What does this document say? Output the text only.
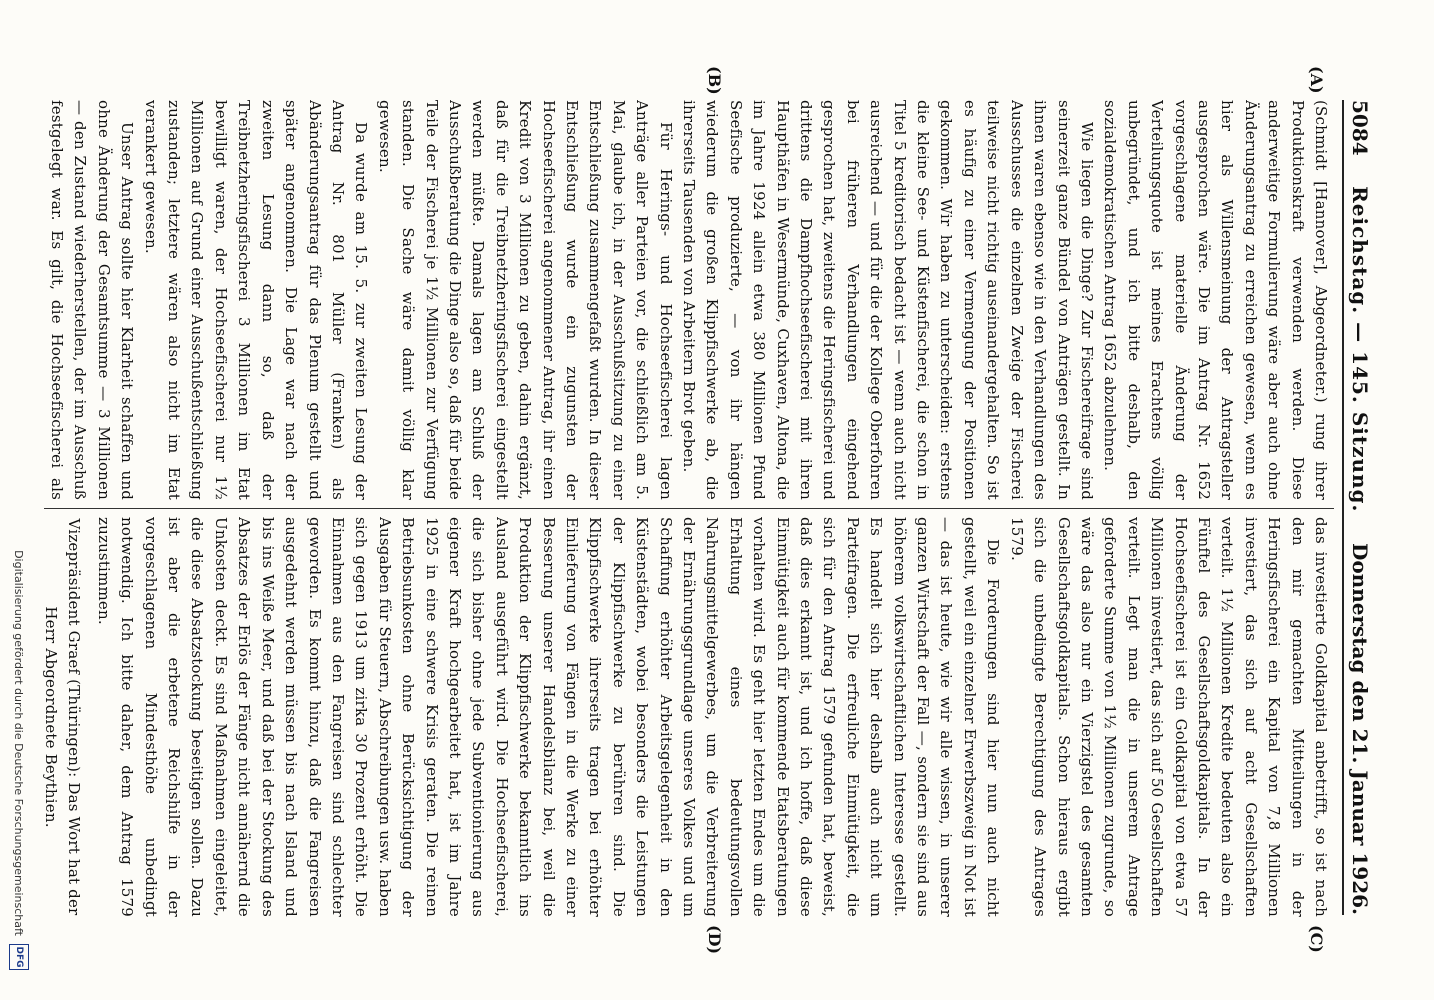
5084
Reichstag. — 145. Sitzung.
Donnerstag den 21. Januar 1926.
(A)
(B)
(C)
(D)

(Schmidt [Hannover], Abgeordneter.) rung ihrer Produktionskraft verwenden werden. Diese anderweitige Formulierung wäre aber auch ohne Änderungsantrag zu erreichen gewesen, wenn es hier als Willensmeinung der Antragsteller ausgesprochen wäre. Die im Antrag Nr. 1652 vorgeschlagene materielle Änderung der Verteilungsquote ist meines Erachtens völlig unbegründet, und ich bitte deshalb, den sozialdemokratischen Antrag 1652 abzulehnen.

Wie liegen die Dinge? Zur Fischereifrage sind seinerzeit ganze Bündel von Anträgen gestellt. In ihnen waren ebenso wie in den Verhandlungen des Ausschusses die einzelnen Zweige der Fischerei teilweise nicht richtig auseinandergehalten. So ist es häufig zu einer Vermengung der Positionen gekommen. Wir haben zu unterscheiden: erstens die kleine See- und Küstenfischerei, die schon in Titel 5 kreditorisch bedacht ist — wenn auch nicht ausreichend — und für die der Kollege Oberfohren bei früheren Verhandlungen eingehend gesprochen hat, zweitens die Heringsfischerei und drittens die Dampfhochseefischerei mit ihren Haupthäfen in Wesermünde, Cuxhaven, Altona, die im Jahre 1924 allein etwa 380 Millionen Pfund Seefische produzierte, — von ihr hängen wiederum die großen Klippfischwerke ab, die ihrerseits Tausenden von Arbeitern Brot geben.

Für Herings- und Hochseefischerei lagen Anträge aller Parteien vor, die schließlich am 5. Mai, glaube ich, in der Ausschußsitzung zu einer Entschließung zusammengefaßt wurden. In dieser Entschließung wurde ein zugunsten der Hochseefischerei angenommener Antrag, ihr einen Kredit von 3 Millionen zu geben, dahin ergänzt, daß für die Treibnetzheringsfischerei eingestellt werden müßte. Damals lagen am Schluß der Ausschußberatung die Dinge also so, daß für beide Teile der Fischerei je 1½ Millionen zur Verfügung standen. Die Sache wäre damit völlig klar gewesen.

Da wurde am 15. 5. zur zweiten Lesung der Antrag Nr. 801 Müller (Franken) als Abänderungsantrag für das Plenum gestellt und später angenommen. Die Lage war nach der zweiten Lesung dann so, daß der Treibnetzheringsfischerei 3 Millionen im Etat bewilligt waren, der Hochseefischerei nur 1½ Millionen auf Grund einer Ausschußentschließung zustanden; letztere wären also nicht im Etat verankert gewesen.

Unser Antrag sollte hier Klarheit schaffen und ohne Änderung der Gesamtsumme — 3 Millionen — den Zustand wiederherstellen, der im Ausschuß festgelegt war. Es gilt, die Hochseefischerei als

das investierte Goldkapital anbetrifft, so ist nach den mir gemachten Mitteilungen in der Heringsfischerei ein Kapital von 7,8 Millionen investiert, das sich auf acht Gesellschaften verteilt. 1½ Millionen Kredite bedeuten also ein Fünftel des Gesellschaftsgoldkapitals. In der Hochseefischerei ist ein Goldkapital von etwa 57 Millionen investiert, das sich auf 50 Gesellschaften verteilt. Legt man die in unserem Antrage geforderte Summe von 1½ Millionen zugrunde, so wäre das also nur ein Vierzigstel des gesamten Gesellschaftsgoldkapitals. Schon hieraus ergibt sich die unbedingte Berechtigung des Antrages 1579.

Die Forderungen sind hier nun auch nicht gestellt, weil ein einzelner Erwerbszweig in Not ist — das ist heute, wie wir alle wissen, in unserer ganzen Wirtschaft der Fall —, sondern sie sind aus höherem volkswirtschaftlichen Interesse gestellt. Es handelt sich hier deshalb auch nicht um Parteifragen. Die erfreuliche Einmütigkeit, die sich für den Antrag 1579 gefunden hat, beweist, daß dies erkannt ist, und ich hoffe, daß diese Einmütigkeit auch für kommende Etatsberatungen vorhalten wird. Es geht hier letzten Endes um die Erhaltung eines bedeutungsvollen Nahrungsmittelgewerbes, um die Verbreiterung der Ernährungsgrundlage unseres Volkes und um Schaffung erhöhter Arbeitsgelegenheit in den Küstenstädten, wobei besonders die Leistungen der Klippfischwerke zu berühren sind. Die Klippfischwerke ihrerseits tragen bei erhöhter Einlieferung von Fängen in die Werke zu einer Besserung unserer Handelsbilanz bei, weil die Produktion der Klippfischwerke bekanntlich ins Ausland ausgeführt wird. Die Hochseefischerei, die sich bisher ohne jede Subventionierung aus eigener Kraft hochgearbeitet hat, ist im Jahre 1925 in eine schwere Krisis geraten. Die reinen Betriebsunkosten ohne Berücksichtigung der Ausgaben für Steuern, Abschreibungen usw. haben sich gegen 1913 um zirka 30 Prozent erhöht. Die Einnahmen aus den Fangreisen sind schlechter geworden. Es kommt hinzu, daß die Fangreisen ausgedehnt werden müssen bis nach Island und bis ins Weiße Meer, und daß bei der Stockung des Absatzes der Erlös der Fänge nicht annähernd die Unkosten deckt. Es sind Maßnahmen eingeleitet, die diese Absatzstockung beseitigen sollen. Dazu ist aber die erbetene Reichshilfe in der vorgeschlagenen Mindesthöhe unbedingt notwendig. Ich bitte daher, dem Antrag 1579 zuzustimmen.

Vizepräsident Graef (Thüringen): Das Wort hat der Herr Abgeordnete Beythien.

Digitalisierung gefördert durch die Deutsche Forschungsgemeinschaft
DFG
